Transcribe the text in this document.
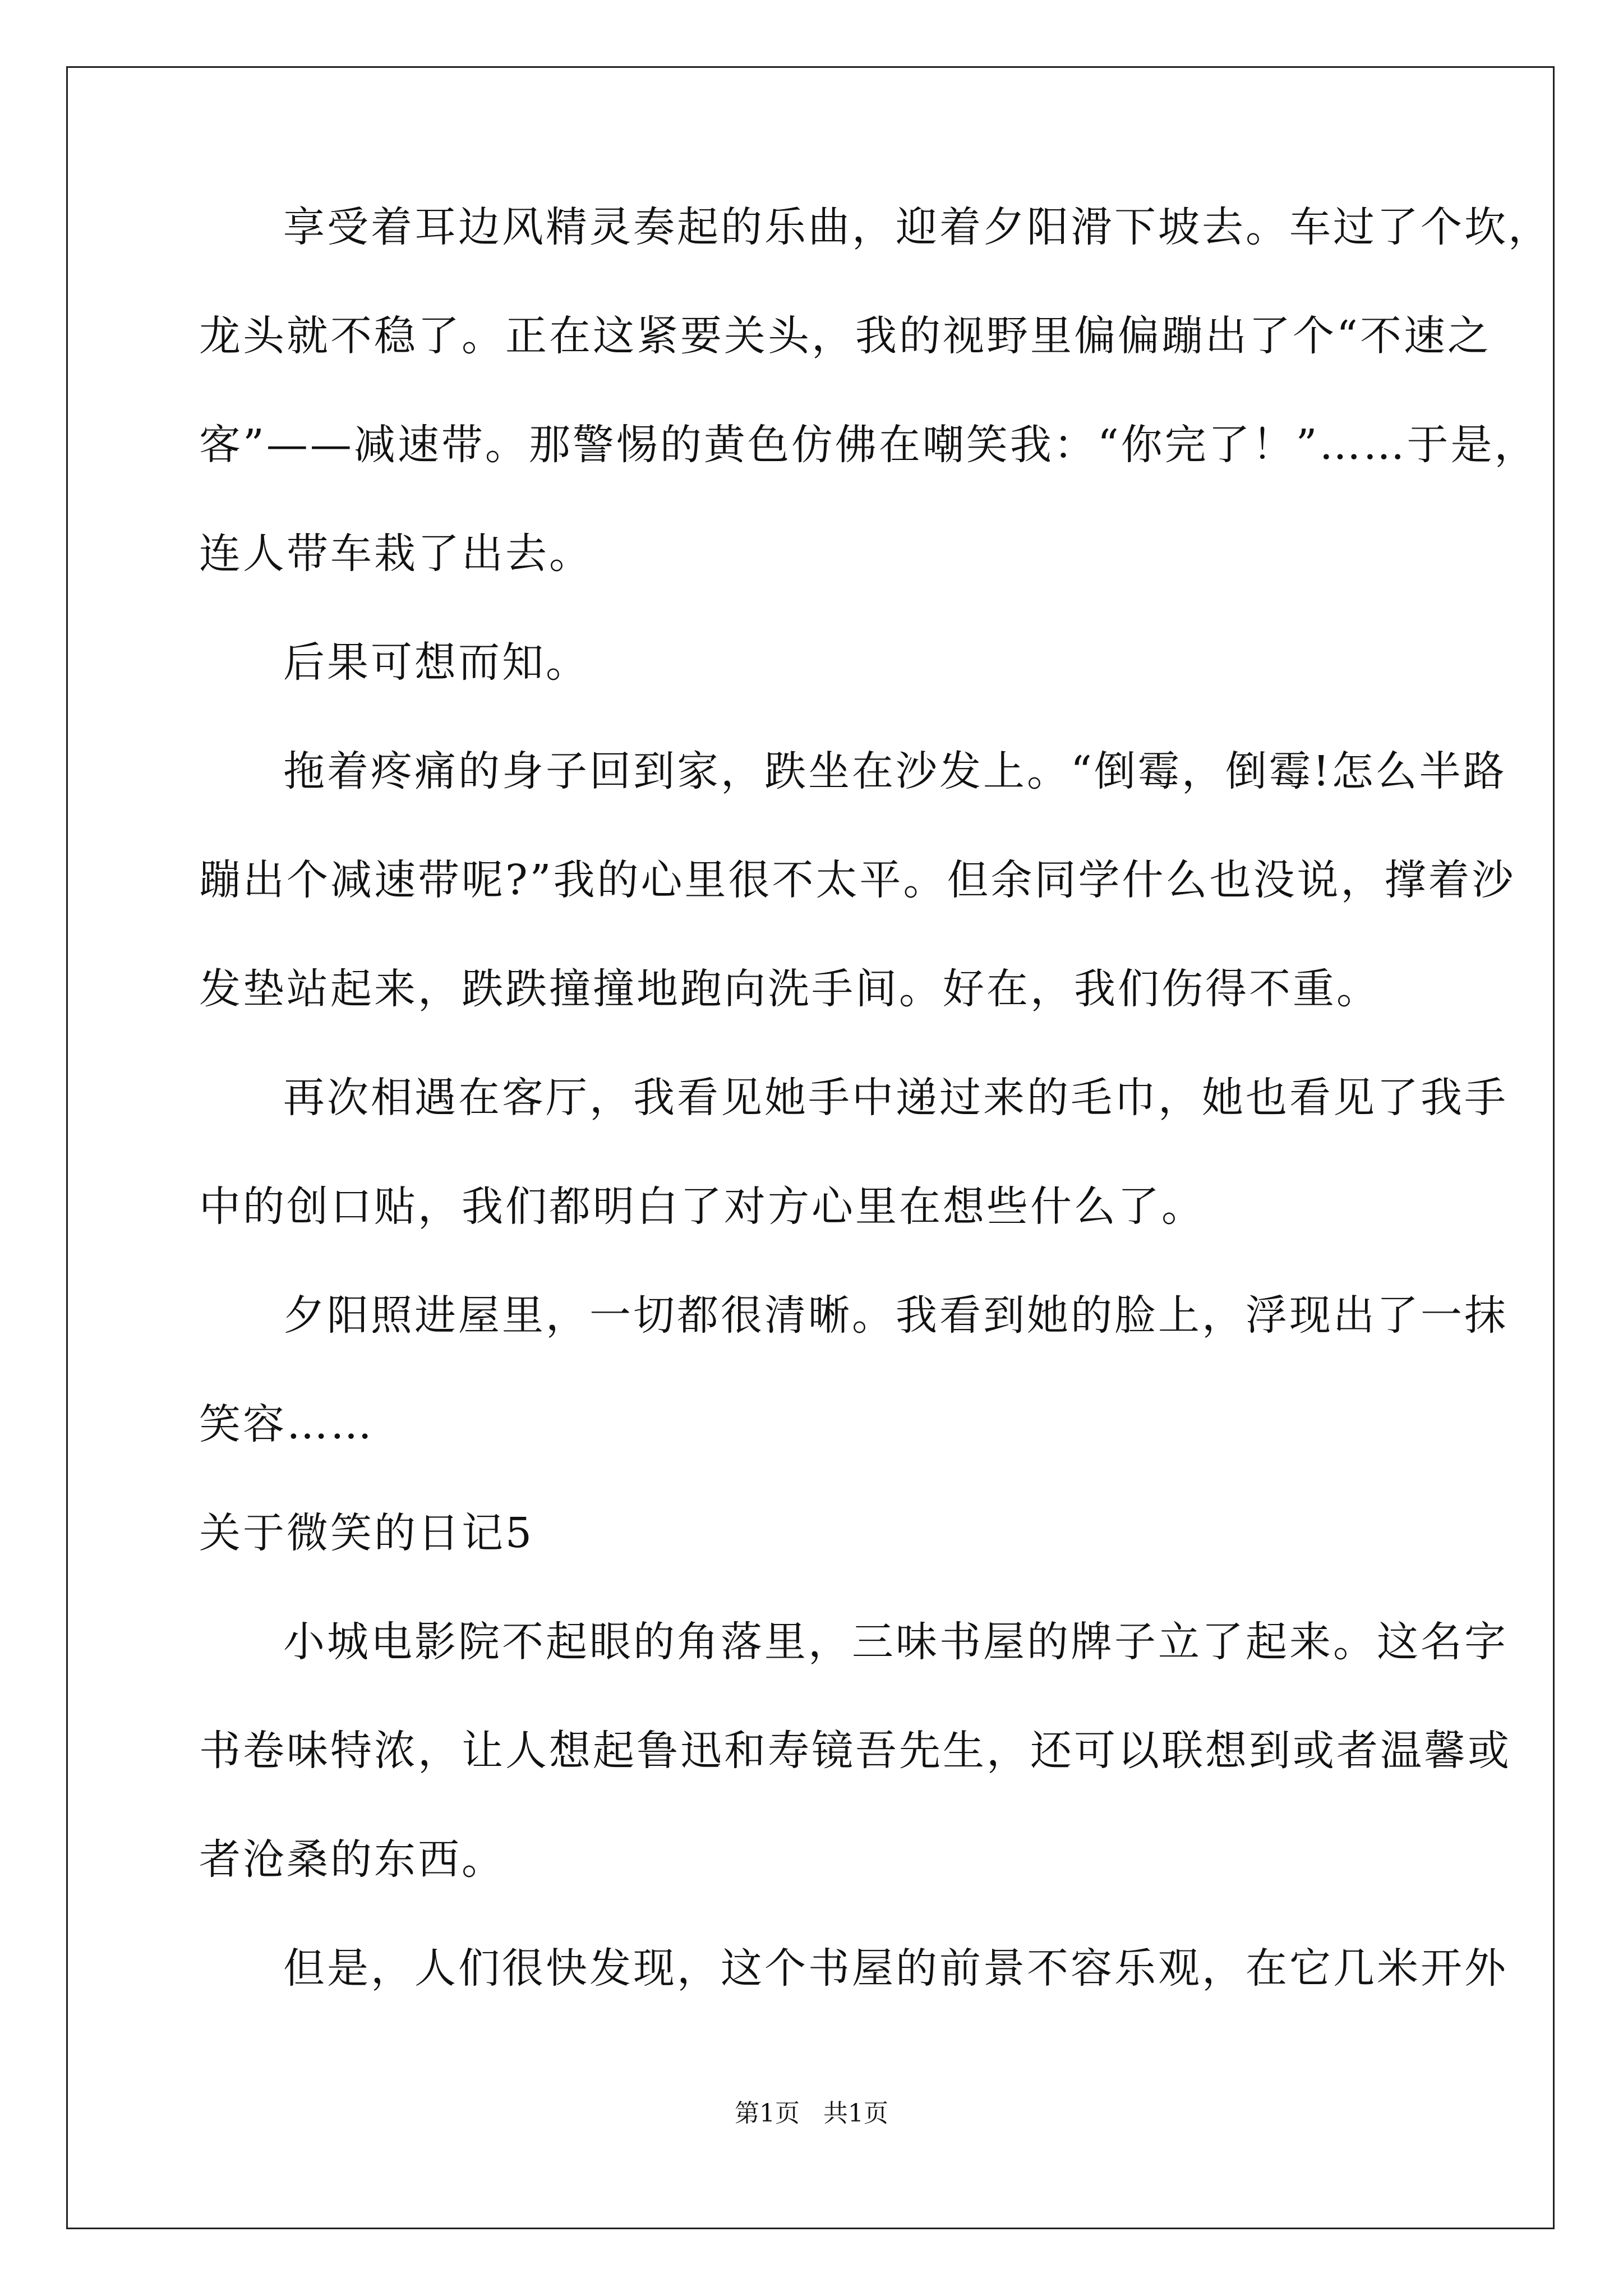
享受着耳边风精灵奏起的乐曲，迎着夕阳滑下坡去。车过了个坎，
龙头就不稳了。正在这紧要关头，我的视野里偏偏蹦出了个“不速之
客”——减速带。那警惕的黄色仿佛在嘲笑我：“你完了！”……于是，
连人带车栽了出去。
后果可想而知。
拖着疼痛的身子回到家，跌坐在沙发上。“倒霉，倒霉!怎么半路
蹦出个减速带呢?”我的心里很不太平。但余同学什么也没说，撑着沙
发垫站起来，跌跌撞撞地跑向洗手间。好在，我们伤得不重。
再次相遇在客厅，我看见她手中递过来的毛巾，她也看见了我手
中的创口贴，我们都明白了对方心里在想些什么了。
夕阳照进屋里，一切都很清晰。我看到她的脸上，浮现出了一抹
笑容……
关于微笑的日记5
小城电影院不起眼的角落里，三味书屋的牌子立了起来。这名字
书卷味特浓，让人想起鲁迅和寿镜吾先生，还可以联想到或者温馨或
者沧桑的东西。
但是，人们很快发现，这个书屋的前景不容乐观，在它几米开外
第1页   共1页
